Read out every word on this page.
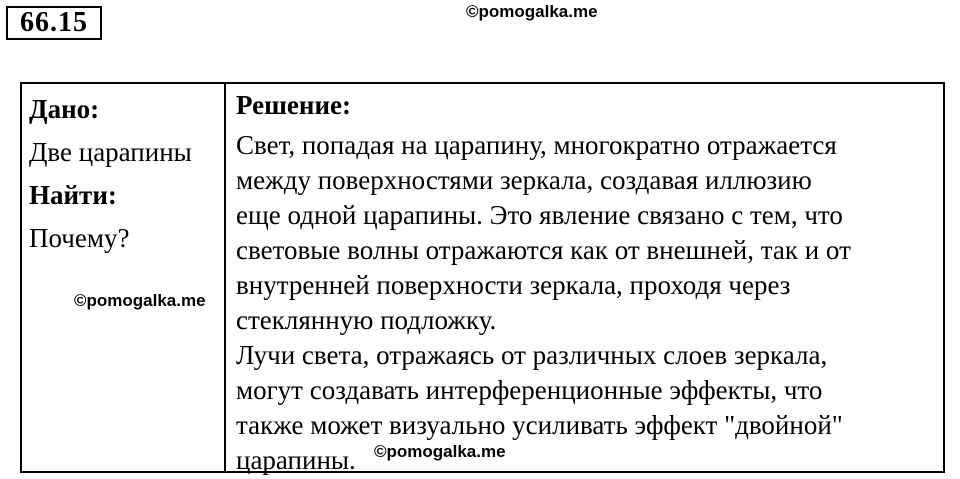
66.15	©pomogalka.me
Дано:
Две царапины
Найти:
Почему?
Решение:
Свет, попадая на царапину, многократно отражается
между поверхностями зеркала, создавая иллюзию
еще одной царапины. Это явление связано с тем, что
световые волны отражаются как от внешней, так и от
внутренней поверхности зеркала, проходя через
стеклянную подложку.
Лучи света, отражаясь от различных слоев зеркала,
могут создавать интерференционные эффекты, что
также может визуально усиливать эффект "двойной"
царапины.
©pomogalka.me
©pomogalka.me
